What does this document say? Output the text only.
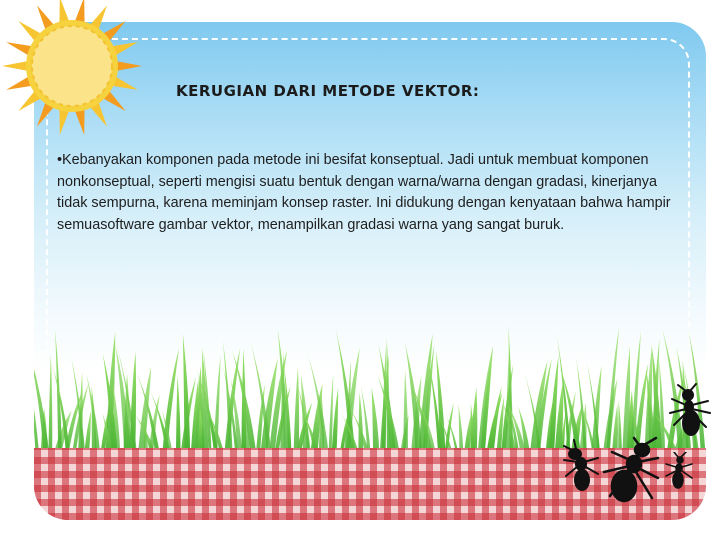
KERUGIAN DARI METODE VEKTOR:

•Kebanyakan komponen pada metode ini besifat konseptual. Jadi untuk membuat komponen nonkonseptual, seperti mengisi suatu bentuk dengan warna/warna dengan gradasi, kinerjanya tidak sempurna, karena meminjam konsep raster. Ini didukung dengan kenyataan bahwa hampir semuasoftware gambar vektor, menampilkan gradasi warna yang sangat buruk.
